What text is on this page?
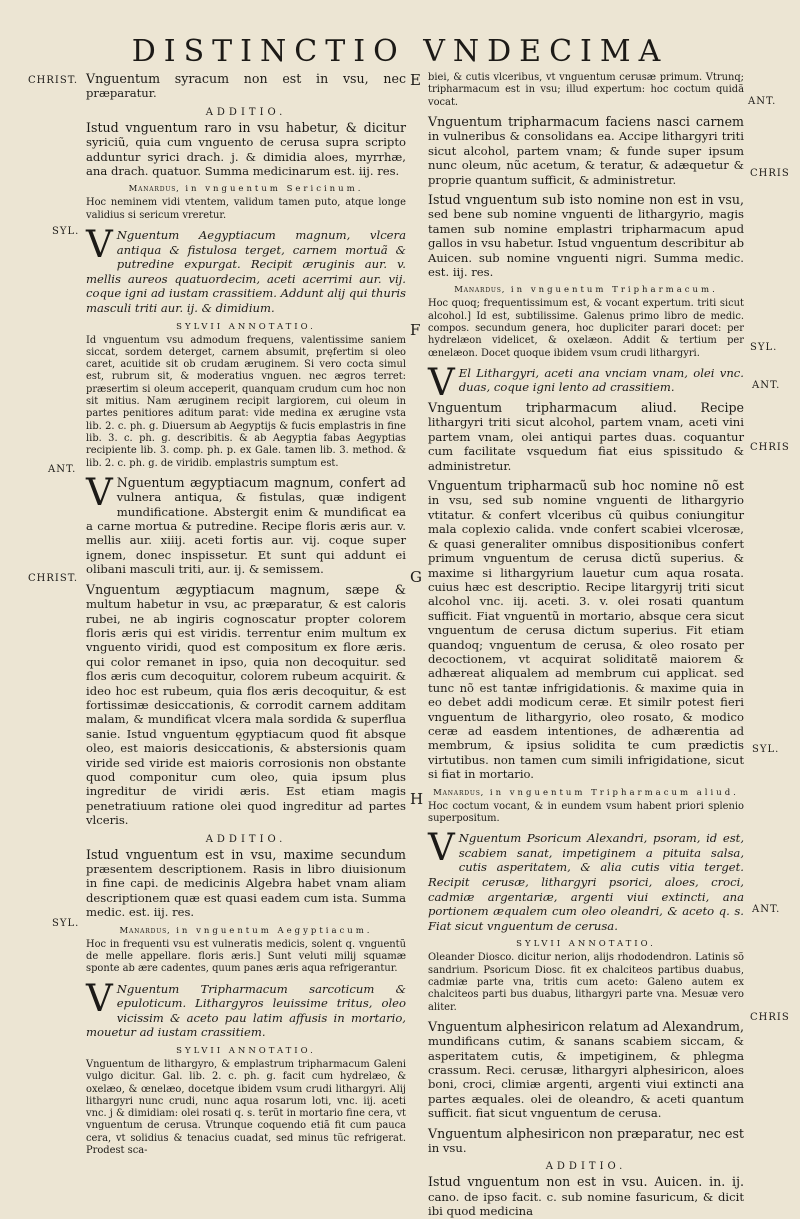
DISTINCTIO VNDECIMA
CHRIST.
SYL.
ANT.
CHRIST.
SYL.
ANT.
CHRIS
SYL.
ANT.
CHRIS
SYL.
ANT.
CHRIS
E
F
G
H

Vnguentum syracum non est in vsu, nec præparatur.

ADDITIO.

Istud vnguentum raro in vsu habetur, & dicitur syriciũ, quia cum vnguento de cerusa supra scripto adduntur syrici drach. j. & dimidia aloes, myrrhæ, ana drach. quatuor. Summa medicinarum est. iij. res.

Manardus, in vnguentum Sericinum.

Hoc neminem vidi vtentem, validum tamen puto, atque longe validius si sericum vreretur.

V Nguentum Aegyptiacum magnum, vlcera antiqua & fistulosa terget, carnem mortuã & putredine expurgat. Recipit æruginis aur. v. mellis aureos quatuordecim, aceti acerrimi aur. vij. coque igni ad iustam crassitiem. Addunt alij qui thuris masculi triti aur. ij. & dimidium.

SYLVII ANNOTATIO.

Id vnguentum vsu admodum frequens, valentissime saniem siccat, sordem deterget, carnem absumit, pręfertim si oleo caret, acuitide sit ob crudam æruginem. Si vero cocta simul est, rubrum sit, & moderatius vnguen. nec ægros terret: præsertim si oleum acceperit, quanquam crudum cum hoc non sit mitius. Nam æruginem recipit largiorem, cui oleum in partes penitiores aditum parat: vide medina ex ærugine vsta lib. 2. c. ph. g. Diuersum ab Aegyptijs & fucis emplastris in fine lib. 3. c. ph. g. describitis. & ab Aegyptia fabas Aegyptias recipiente lib. 3. comp. ph. p. ex Gale. tamen lib. 3. method. & lib. 2. c. ph. g. de viridib. emplastris sumptum est.

V Nguentum ægyptiacum magnum, confert ad vulnera antiqua, & fistulas, quæ indigent mundificatione. Abstergit enim & mundificat ea a carne mortua & putredine. Recipe floris æris aur. v. mellis aur. xiiij. aceti fortis aur. vij. coque super ignem, donec inspissetur. Et sunt qui addunt ei olibani masculi triti, aur. ij. & semissem.

Vnguentum ægyptiacum magnum, sæpe & multum habetur in vsu, ac præparatur, & est caloris rubei, ne ab ingiris cognoscatur propter colorem floris æris qui est viridis. terrentur enim multum ex vnguento viridi, quod est compositum ex flore æris. qui color remanet in ipso, quia non decoquitur. sed flos æris cum decoquitur, colorem rubeum acquirit. & ideo hoc est rubeum, quia flos æris decoquitur, & est fortissimæ desiccationis, & corrodit carnem additam malam, & mundificat vlcera mala sordida & superflua sanie. Istud vnguentum ęgyptiacum quod fit absque oleo, est maioris desiccationis, & abstersionis quam viride sed viride est maioris corrosionis non obstante quod componitur cum oleo, quia ipsum plus ingreditur de viridi æris. Est etiam magis penetratiuum ratione olei quod ingreditur ad partes vlceris.

ADDITIO.

Istud vnguentum est in vsu, maxime secundum præsentem descriptionem. Rasis in libro diuisionum in fine capi. de medicinis Algebra habet vnam aliam descriptionem quæ est quasi eadem cum ista. Summa medic. est. iij. res.

Manardus, in vnguentum Aegyptiacum.

Hoc in frequenti vsu est vulneratis medicis, solent q. vnguentũ de melle appellare. floris æris.] Sunt veluti milij squamæ sponte ab ære cadentes, quum panes æris aqua refrigerantur.

V Nguentum Tripharmacum sarcoticum & epuloticum. Lithargyros leuissime tritus, oleo vicissim & aceto pau latim affusis in mortario, mouetur ad iustam crassitiem.

SYLVII ANNOTATIO.

Vnguentum de lithargyro, & emplastrum tripharmacum Galeni vulgo dicitur. Gal. lib. 2. c. ph. g. facit cum hydrelæo, & oxelæo, & œnelæo, docetque ibidem vsum crudi lithargyri. Alij lithargyri nunc crudi, nunc aqua rosarum loti, vnc. iij. aceti vnc. j & dimidiam: olei rosati q. s. terũt in mortario fine cera, vt vnguentum de cerusa. Vtrunque coquendo etiã fit cum pauca cera, vt solidius & tenacius cuadat, sed minus tũc refrigerat. Prodest sca-

biei, & cutis vlceribus, vt vnguentum cerusæ primum. Vtrunq; tripharmacum est in vsu; illud expertum: hoc coctum quidã vocat.

Vnguentum tripharmacum faciens nasci carnem in vulneribus & consolidans ea. Accipe lithargyri triti sicut alcohol, partem vnam; & funde super ipsum nunc oleum, nũc acetum, & teratur, & adæquetur & proprie quantum sufficit, & administretur.

Istud vnguentum sub isto nomine non est in vsu, sed bene sub nomine vnguenti de lithargyrio, magis tamen sub nomine emplastri tripharmacum apud gallos in vsu habetur. Istud vnguentum describitur ab Auicen. sub nomine vnguenti nigri. Summa medic. est. iij. res.

Manardus, in vnguentum Tripharmacum.

Hoc quoq; frequentissimum est, & vocant expertum. triti sicut alcohol.] Id est, subtilissime. Galenus primo libro de medic. compos. secundum genera, hoc dupliciter parari docet: per hydrelæon videlicet, & oxelæon. Addit & tertium per œnelæon. Docet quoque ibidem vsum crudi lithargyri.

V El Lithargyri, aceti ana vnciam vnam, olei vnc. duas, coque igni lento ad crassitiem.

Vnguentum tripharmacum aliud. Recipe lithargyri triti sicut alcohol, partem vnam, aceti vini partem vnam, olei antiqui partes duas. coquantur cum facilitate vsquedum fiat eius spissitudo & administretur.

Vnguentum tripharmacũ sub hoc nomine nõ est in vsu, sed sub nomine vnguenti de lithargyrio vtitatur. & confert vlceribus cũ quibus coniungitur mala coplexio calida. vnde confert scabiei vlcerosæ, & quasi generaliter omnibus dispositionibus confert primum vnguentum de cerusa dictũ superius. & maxime si lithargyrium lauetur cum aqua rosata. cuius hæc est descriptio. Recipe litargyrij triti sicut alcohol vnc. iij. aceti. 3. v. olei rosati quantum sufficit. Fiat vnguentũ in mortario, absque cera sicut vnguentum de cerusa dictum superius. Fit etiam quandoq; vnguentum de cerusa, & oleo rosato per decoctionem, vt acquirat soliditatẽ maiorem & adhæreat aliqualem ad membrum cui applicat. sed tunc nõ est tantæ infrigidationis. & maxime quia in eo debet addi modicum ceræ. Et similr potest fieri vnguentum de lithargyrio, oleo rosato, & modico ceræ ad easdem intentiones, de adhærentia ad membrum, & ipsius solidita te cum prædictis virtutibus. non tamen cum simili infrigidatione, sicut si fiat in mortario.

Manardus, in vnguentum Tripharmacum aliud.

Hoc coctum vocant, & in eundem vsum habent priori splenio superpositum.

V Nguentum Psoricum Alexandri, psoram, id est, scabiem sanat, impetiginem a pituita salsa, cutis asperitatem, & alia cutis vitia terget. Recipit cerusæ, lithargyri psorici, aloes, croci, cadmiæ argentariæ, argenti viui extincti, ana portionem æqualem cum oleo oleandri, & aceto q. s. Fiat sicut vnguentum de cerusa.

SYLVII ANNOTATIO.

Oleander Diosco. dicitur nerion, alijs rhododendron. Latinis sõ sandrium. Psoricum Diosc. fit ex chalciteos partibus duabus, cadmiæ parte vna, tritis cum aceto: Galeno autem ex chalciteos parti bus duabus, lithargyri parte vna. Mesuæ vero aliter.

Vnguentum alphesiricon relatum ad Alexandrum, mundificans cutim, & sanans scabiem siccam, & asperitatem cutis, & impetiginem, & phlegma crassum. Reci. cerusæ, lithargyri alphesiricon, aloes boni, croci, climiæ argenti, argenti viui extincti ana partes æquales. olei de oleandro, & aceti quantum sufficit. fiat sicut vnguentum de cerusa.

Vnguentum alphesiricon non præparatur, nec est in vsu.

ADDITIO.

Istud vnguentum non est in vsu. Auicen. in. ij. cano. de ipso facit. c. sub nomine fasuricum, & dicit ibi quod medicina
